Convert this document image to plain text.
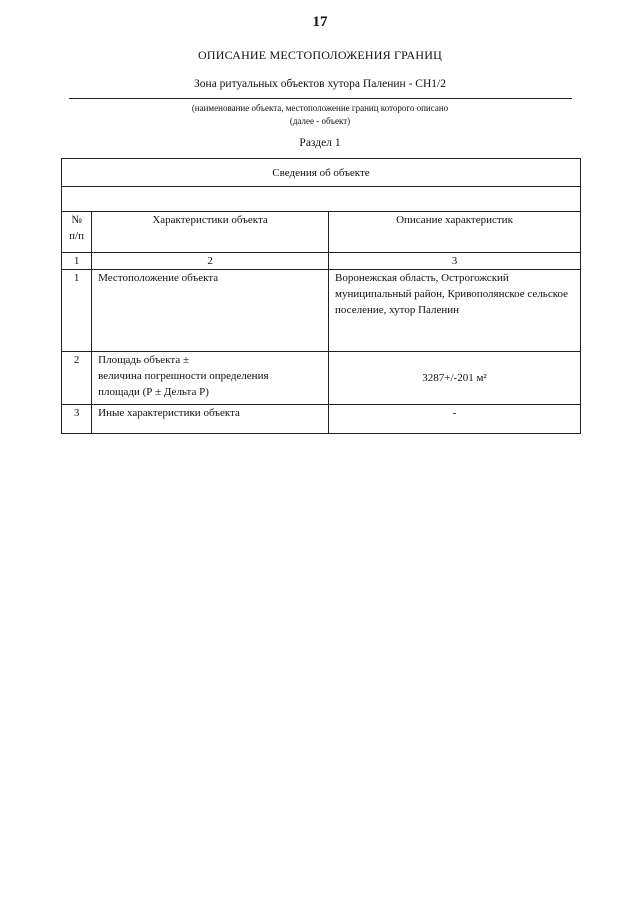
17
ОПИСАНИЕ МЕСТОПОЛОЖЕНИЯ ГРАНИЦ
Зона ритуальных объектов хутора Паленин - СН1/2
(наименование объекта, местоположение границ которого описано
(далее - объект)
Раздел 1
Сведения об объекте		

№
п/п	Характеристики объекта	Описание характеристик
1	2	3
1	Местоположение объекта	Воронежская область, Острогожский муниципальный район, Кривополянское сельское поселение, хутор Паленин
2	Площадь объекта ±
величина погрешности определения
площади (Р ± Дельта Р)	3287+/-201 м²
3	Иные характеристики объекта	-
